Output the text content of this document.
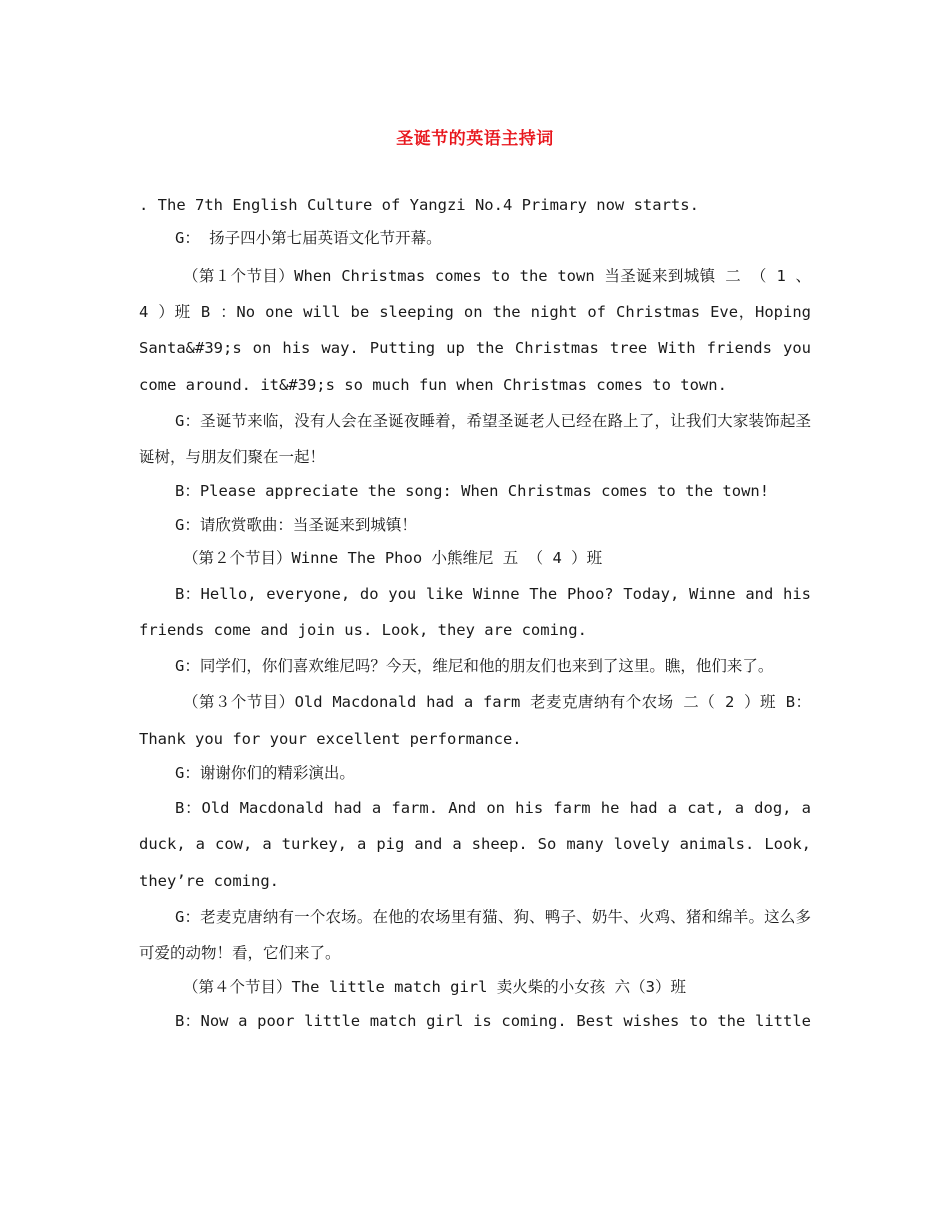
圣诞节的英语主持词

. The 7th English Culture of Yangzi No.4 Primary now starts.

G： 扬子四小第七届英语文化节开幕。

（第１个节目）When Christmas comes to the town 当圣诞来到城镇 二 （ 1 、 4 ）班 B ：No one will be sleeping on the night of Christmas Eve，Hoping Santa&#39;s on his way. Putting up the Christmas tree With friends you come around. it&#39;s so much fun when Christmas comes to town.

G：圣诞节来临，没有人会在圣诞夜睡着，希望圣诞老人已经在路上了，让我们大家装饰起圣诞树，与朋友们聚在一起！

B：Please appreciate the song: When Christmas comes to the town!

G：请欣赏歌曲：当圣诞来到城镇！

（第２个节目）Winne The Phoo 小熊维尼 五 （ 4 ）班

B：Hello, everyone, do you like Winne The Phoo? Today, Winne and his friends come and join us. Look, they are coming.

G：同学们，你们喜欢维尼吗？今天，维尼和他的朋友们也来到了这里。瞧，他们来了。

（第３个节目）Old Macdonald had a farm 老麦克唐纳有个农场 二（ 2 ）班 B：Thank you for your excellent performance.

G：谢谢你们的精彩演出。

B：Old Macdonald had a farm. And on his farm he had a cat, a dog, a duck, a cow, a turkey, a pig and a sheep. So many lovely animals. Look, they’re coming.

G：老麦克唐纳有一个农场。在他的农场里有猫、狗、鸭子、奶牛、火鸡、猪和绵羊。这么多可爱的动物！看，它们来了。

（第４个节目）The little match girl 卖火柴的小女孩 六（3）班

B：Now a poor little match girl is coming. Best wishes to the little
